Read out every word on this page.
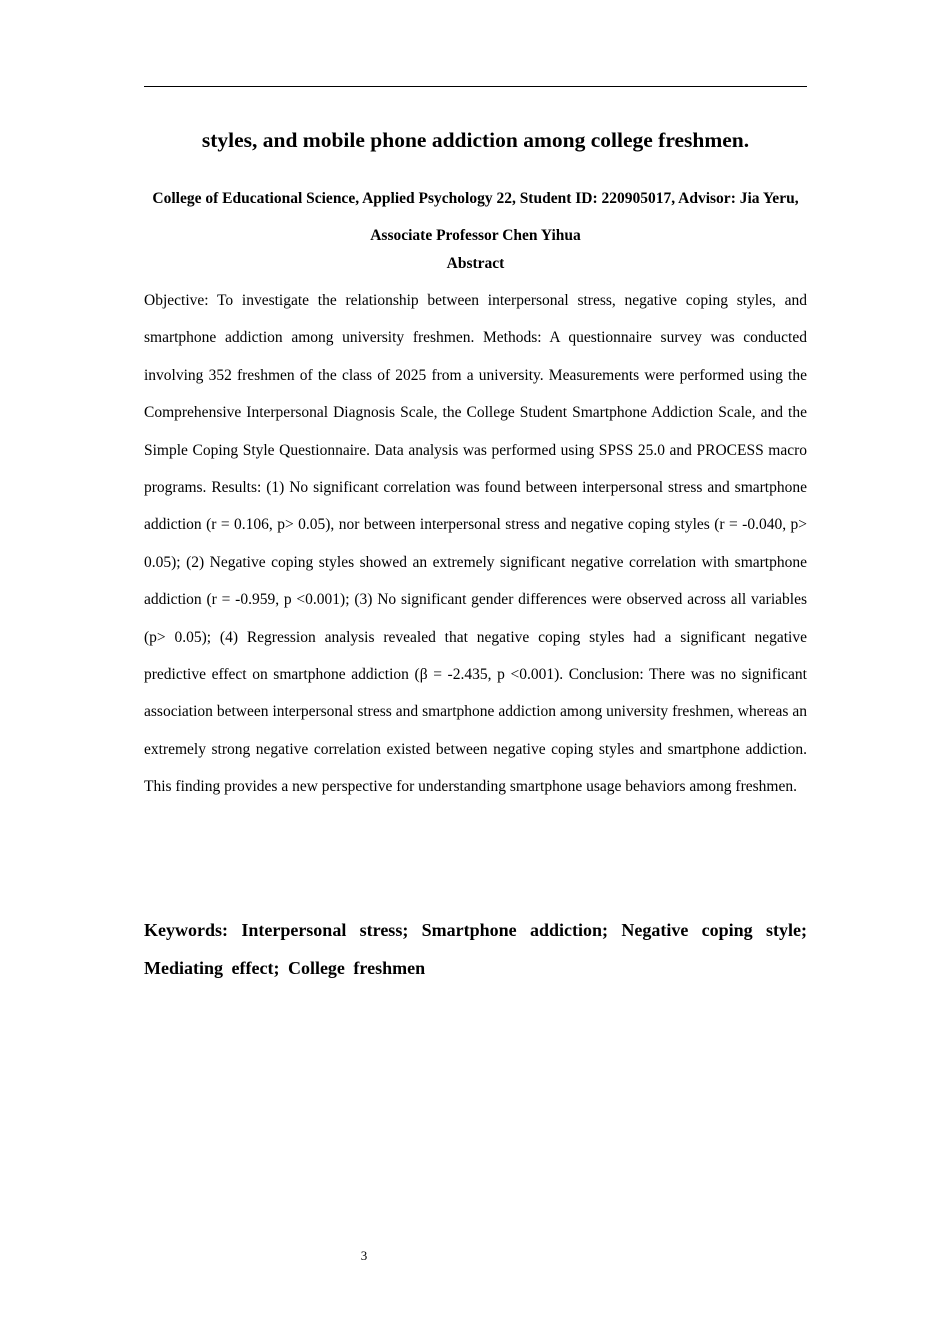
styles, and mobile phone addiction among college freshmen.

College of Educational Science, Applied Psychology 22, Student ID: 220905017, Advisor: Jia Yeru, Associate Professor Chen Yihua

Abstract

Objective: To investigate the relationship between interpersonal stress, negative coping styles, and smartphone addiction among university freshmen. Methods: A questionnaire survey was conducted involving 352 freshmen of the class of 2025 from a university. Measurements were performed using the Comprehensive Interpersonal Diagnosis Scale, the College Student Smartphone Addiction Scale, and the Simple Coping Style Questionnaire. Data analysis was performed using SPSS 25.0 and PROCESS macro programs. Results: (1) No significant correlation was found between interpersonal stress and smartphone addiction (r = 0.106, p> 0.05), nor between interpersonal stress and negative coping styles (r = -0.040, p> 0.05); (2) Negative coping styles showed an extremely significant negative correlation with smartphone addiction (r = -0.959, p <0.001); (3) No significant gender differences were observed across all variables (p> 0.05); (4) Regression analysis revealed that negative coping styles had a significant negative predictive effect on smartphone addiction (β = -2.435, p <0.001). Conclusion: There was no significant association between interpersonal stress and smartphone addiction among university freshmen, whereas an extremely strong negative correlation existed between negative coping styles and smartphone addiction. This finding provides a new perspective for understanding smartphone usage behaviors among freshmen.

Keywords: Interpersonal stress; Smartphone addiction; Negative coping style; Mediating effect; College freshmen

3
